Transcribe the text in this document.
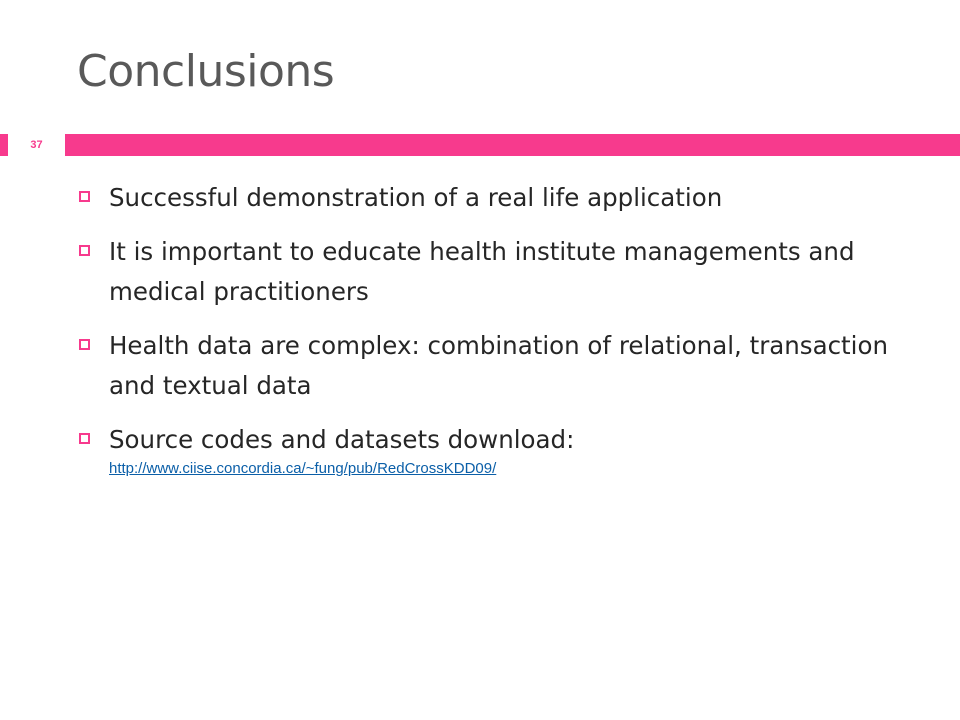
Conclusions
37
Successful demonstration of a real life application
It is important to educate health institute managements and medical practitioners
Health data are complex: combination of relational, transaction and textual data
Source codes and datasets download:
http://www.ciise.concordia.ca/~fung/pub/RedCrossKDD09/
